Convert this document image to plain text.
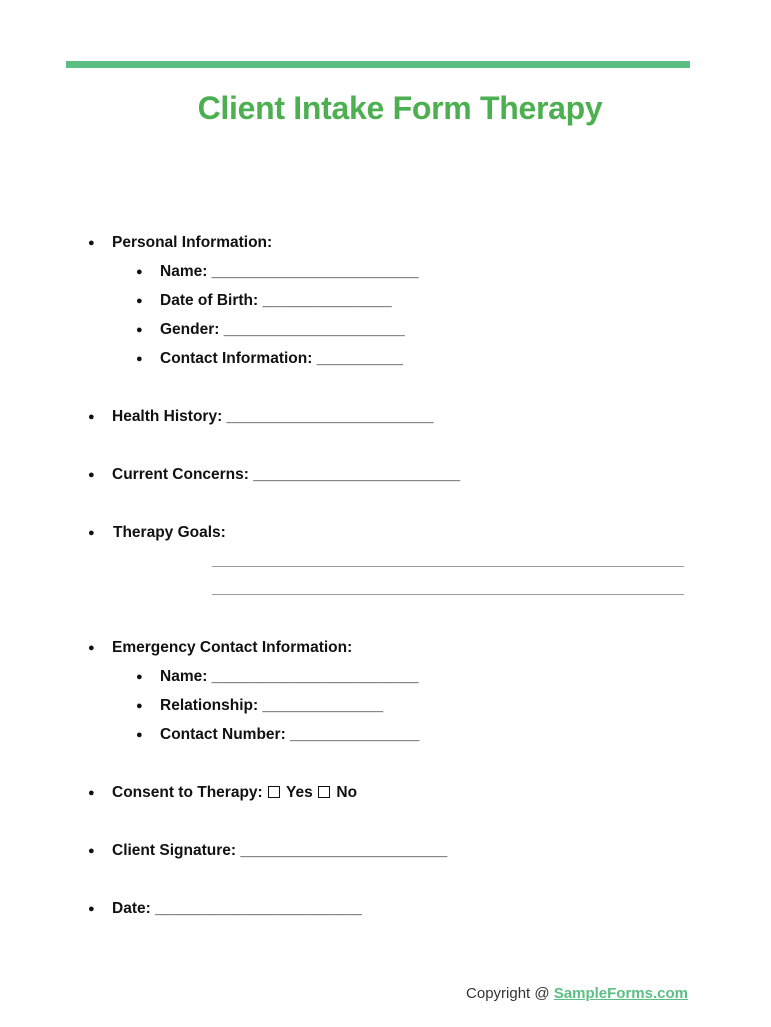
Client Intake Form Therapy
● Personal Information:
● Name: ________________________
● Date of Birth: _______________
● Gender: _____________________
● Contact Information: __________
● Health History: ________________________
● Current Concerns: ________________________
● Therapy Goals:
● Emergency Contact Information:
● Name: ________________________
● Relationship: ______________
● Contact Number: _______________
● Consent to Therapy: Yes No
● Client Signature: ________________________
● Date: ________________________
Copyright @ SampleForms.com
